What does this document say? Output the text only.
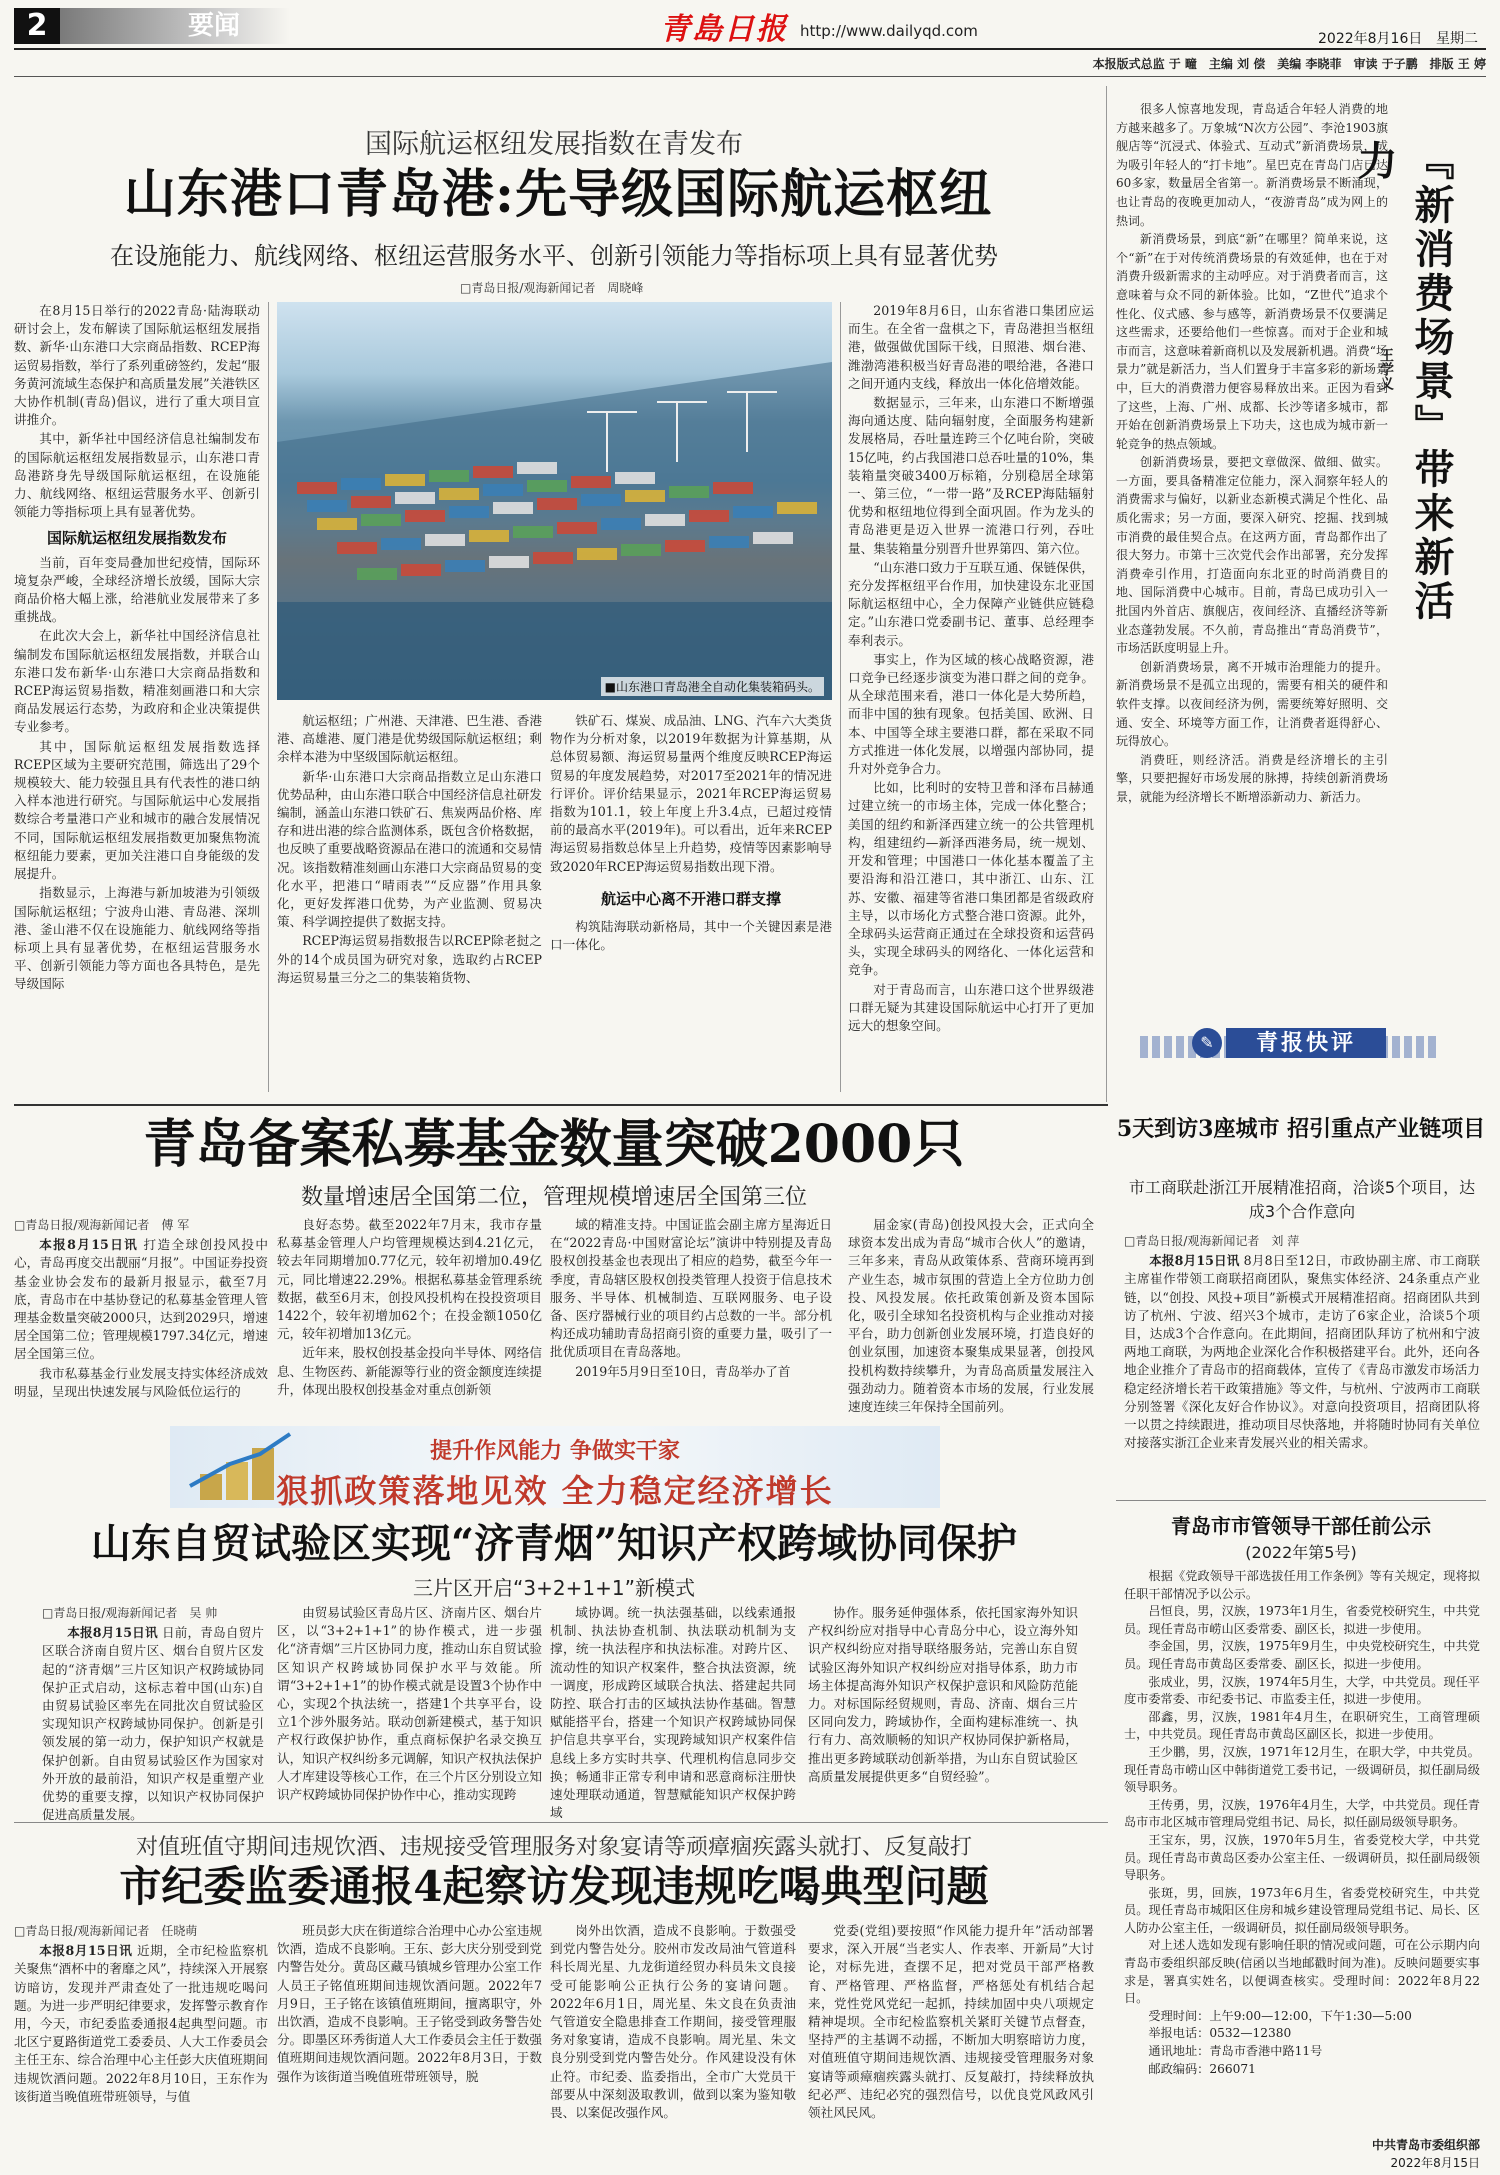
2	要闻	青島日报 http://www.dailyqd.com	2022年8月16日 星期二
本报版式总监 于 疃　主编 刘 偿　美编 李晓菲　审读 于子鹏　排版 王 婷
国际航运枢纽发展指数在青发布
山东港口青岛港:先导级国际航运枢纽
在设施能力、航线网络、枢纽运营服务水平、创新引领能力等指标项上具有显著优势
□青岛日报/观海新闻记者　周晓峰

在8月15日举行的2022青岛·陆海联动研讨会上，发布解读了国际航运枢纽发展指数、新华·山东港口大宗商品指数、RCEP海运贸易指数，举行了系列重磅签约，发起“服务黄河流域生态保护和高质量发展”关港铁区大协作机制(青岛)倡议，进行了重大项目宣讲推介。

其中，新华社中国经济信息社编制发布的国际航运枢纽发展指数显示，山东港口青岛港跻身先导级国际航运枢纽，在设施能力、航线网络、枢纽运营服务水平、创新引领能力等指标项上具有显著优势。

国际航运枢纽发展指数发布

当前，百年变局叠加世纪疫情，国际环境复杂严峻，全球经济增长放缓，国际大宗商品价格大幅上涨，给港航业发展带来了多重挑战。

在此次大会上，新华社中国经济信息社编制发布国际航运枢纽发展指数，并联合山东港口发布新华·山东港口大宗商品指数和RCEP海运贸易指数，精准刻画港口和大宗商品发展运行态势，为政府和企业决策提供专业参考。

其中，国际航运枢纽发展指数选择RCEP区域为主要研究范围，筛选出了29个规模较大、能力较强且具有代表性的港口纳入样本池进行研究。与国际航运中心发展指数综合考量港口产业和城市的融合发展情况不同，国际航运枢纽发展指数更加聚焦物流枢纽能力要素，更加关注港口自身能级的发展提升。

指数显示，上海港与新加坡港为引领级国际航运枢纽；宁波舟山港、青岛港、深圳港、釜山港不仅在设施能力、航线网络等指标项上具有显著优势，在枢纽运营服务水平、创新引领能力等方面也各具特色，是先导级国际

■山东港口青岛港全自动化集装箱码头。

航运枢纽；广州港、天津港、巴生港、香港港、高雄港、厦门港是优势级国际航运枢纽；剩余样本港为中坚级国际航运枢纽。

新华·山东港口大宗商品指数立足山东港口优势品种，由山东港口联合中国经济信息社研发编制，涵盖山东港口铁矿石、焦炭两品价格、库存和进出港的综合监测体系，既包含价格数据，也反映了重要战略资源品在港口的流通和交易情况。该指数精准刻画山东港口大宗商品贸易的变化水平，把港口“晴雨表”“反应器”作用具象化，更好发挥港口优势，为产业监测、贸易决策、科学调控提供了数据支持。

RCEP海运贸易指数报告以RCEP除老挝之外的14个成员国为研究对象，选取约占RCEP海运贸易量三分之二的集装箱货物、

铁矿石、煤炭、成品油、LNG、汽车六大类货物作为分析对象，以2019年数据为计算基期，从总体贸易额、海运贸易量两个维度反映RCEP海运贸易的年度发展趋势，对2017至2021年的情况进行评价。评价结果显示，2021年RCEP海运贸易指数为101.1，较上年度上升3.4点，已超过疫情前的最高水平(2019年)。可以看出，近年来RCEP海运贸易指数总体呈上升趋势，疫情等因素影响导致2020年RCEP海运贸易指数出现下滑。

航运中心离不开港口群支撑

构筑陆海联动新格局，其中一个关键因素是港口一体化。

2019年8月6日，山东省港口集团应运而生。在全省一盘棋之下，青岛港担当枢纽港，做强做优国际干线，日照港、烟台港、潍渤湾港积极当好青岛港的喂给港，各港口之间开通内支线，释放出一体化倍增效能。

数据显示，三年来，山东港口不断增强海向通达度、陆向辐射度，全面服务构建新发展格局，吞吐量连跨三个亿吨台阶，突破15亿吨，约占我国港口总吞吐量的10%，集装箱量突破3400万标箱，分别稳居全球第一、第三位，“一带一路”及RCEP海陆辐射优势和枢纽地位得到全面巩固。作为龙头的青岛港更是迈入世界一流港口行列，吞吐量、集装箱量分别晋升世界第四、第六位。

“山东港口致力于互联互通、保链保供，充分发挥枢纽平台作用，加快建设东北亚国际航运枢纽中心，全力保障产业链供应链稳定。”山东港口党委副书记、董事、总经理李奉利表示。

事实上，作为区域的核心战略资源，港口竞争已经逐步演变为港口群之间的竞争。从全球范围来看，港口一体化是大势所趋，而非中国的独有现象。包括美国、欧洲、日本、中国等全球主要港口群，都在采取不同方式推进一体化发展，以增强内部协同，提升对外竞争合力。

比如，比利时的安特卫普和泽布吕赫通过建立统一的市场主体，完成一体化整合；美国的纽约和新泽西建立统一的公共管理机构，组建纽约—新泽西港务局，统一规划、开发和管理；中国港口一体化基本覆盖了主要沿海和沿江港口，其中浙江、山东、江苏、安徽、福建等省港口集团都是省级政府主导，以市场化方式整合港口资源。此外，全球码头运营商正通过在全球投资和运营码头，实现全球码头的网络化、一体化运营和竞争。

对于青岛而言，山东港口这个世界级港口群无疑为其建设国际航运中心打开了更加远大的想象空间。

很多人惊喜地发现，青岛适合年轻人消费的地方越来越多了。万象城“N次方公园”、李沧1903旗舰店等“沉浸式、体验式、互动式”新消费场景，成为吸引年轻人的“打卡地”。星巴克在青岛门店已达60多家，数量居全省第一。新消费场景不断涌现，也让青岛的夜晚更加动人，“夜游青岛”成为网上的热词。

新消费场景，到底“新”在哪里？简单来说，这个“新”在于对传统消费场景的有效延伸，也在于对消费升级新需求的主动呼应。对于消费者而言，这意味着与众不同的新体验。比如，“Z世代”追求个性化、仪式感、参与感等，新消费场景不仅要满足这些需求，还要给他们一些惊喜。而对于企业和城市而言，这意味着新商机以及发展新机遇。消费“场景力”就是新活力，当人们置身于丰富多彩的新场景中，巨大的消费潜力便容易释放出来。正因为看到了这些，上海、广州、成都、长沙等诸多城市，都开始在创新消费场景上下功夫，这也成为城市新一轮竞争的热点领域。

创新消费场景，要把文章做深、做细、做实。一方面，要具备精准定位能力，深入洞察年轻人的消费需求与偏好，以新业态新模式满足个性化、品质化需求；另一方面，要深入研究、挖掘、找到城市消费的最佳契合点。在这两方面，青岛都作出了很大努力。市第十三次党代会作出部署，充分发挥消费牵引作用，打造面向东北亚的时尚消费目的地、国际消费中心城市。目前，青岛已成功引入一批国内外首店、旗舰店，夜间经济、直播经济等新业态蓬勃发展。不久前，青岛推出“青岛消费节”，市场活跃度明显上升。

创新消费场景，离不开城市治理能力的提升。新消费场景不是孤立出现的，需要有相关的硬件和软件支撑。以夜间经济为例，需要统筹好照明、交通、安全、环境等方面工作，让消费者逛得舒心、玩得放心。

消费旺，则经济活。消费是经济增长的主引擎，只要把握好市场发展的脉搏，持续创新消费场景，就能为经济增长不断增添新动力、新活力。

『新消费场景』带来新活力
王学义
✎	青报快评
青岛备案私募基金数量突破2000只
数量增速居全国第二位，管理规模增速居全国第三位
□青岛日报/观海新闻记者　傅 军

本报8月15日讯 打造全球创投风投中心，青岛再度交出靓丽“月报”。中国证券投资基金业协会发布的最新月报显示，截至7月底，青岛市在中基协登记的私募基金管理人管理基金数量突破2000只，达到2029只，增速居全国第二位；管理规模1797.34亿元，增速居全国第三位。

我市私募基金行业发展支持实体经济成效明显，呈现出快速发展与风险低位运行的

良好态势。截至2022年7月末，我市存量私募基金管理人户均管理规模达到4.21亿元，较去年同期增加0.77亿元，较年初增加0.49亿元，同比增速22.29%。根据私募基金管理系统数据，截至6月末，创投风投机构在投投资项目1422个，较年初增加62个；在投金额1050亿元，较年初增加13亿元。

近年来，股权创投基金投向半导体、网络信息、生物医药、新能源等行业的资金额度连续提升，体现出股权创投基金对重点创新领

域的精准支持。中国证监会副主席方星海近日在“2022青岛·中国财富论坛”演讲中特别提及青岛股权创投基金也表现出了相应的趋势，截至今年一季度，青岛辖区股权创投类管理人投资于信息技术服务、半导体、机械制造、互联网服务、电子设备、医疗器械行业的项目约占总数的一半。部分机构还成功辅助青岛招商引资的重要力量，吸引了一批优质项目在青岛落地。

2019年5月9日至10日，青岛举办了首

届金家(青岛)创投风投大会，正式向全球资本发出成为青岛“城市合伙人”的邀请，三年多来，青岛从政策体系、营商环境再到产业生态，城市氛围的营造上全方位助力创投、风投发展。依托政策创新及资本国际化，吸引全球知名投资机构与企业推动对接平台，助力创新创业发展环境，打造良好的创业氛围，加速资本聚集成果显著，创投风投机构数持续攀升，为青岛高质量发展注入强劲动力。随着资本市场的发展，行业发展速度连续三年保持全国前列。

提升作风能力 争做实干家
狠抓政策落地见效 全力稳定经济增长
山东自贸试验区实现“济青烟”知识产权跨域协同保护
三片区开启“3+2+1+1”新模式
□青岛日报/观海新闻记者　吴 帅

本报8月15日讯 日前，青岛自贸片区联合济南自贸片区、烟台自贸片区发起的“济青烟”三片区知识产权跨域协同保护正式启动，这标志着中国(山东)自由贸易试验区率先在同批次自贸试验区实现知识产权跨域协同保护。创新是引领发展的第一动力，保护知识产权就是保护创新。自由贸易试验区作为国家对外开放的最前沿，知识产权是重塑产业优势的重要支撑，以知识产权协同保护促进高质量发展。

由贸易试验区青岛片区、济南片区、烟台片区，以“3+2+1+1”的协作模式，进一步强化“济青烟”三片区协同力度，推动山东自贸试验区知识产权跨域协同保护水平与效能。所谓“3+2+1+1”的协作模式就是设置3个协作中心，实现2个执法统一，搭建1个共享平台，设立1个涉外服务站。联动创新建模式，基于知识产权行政保护协作，重点商标保护名录交换互认，知识产权纠纷多元调解，知识产权执法保护人才库建设等核心工作，在三个片区分别设立知识产权跨域协同保护协作中心，推动实现跨

域协调。统一执法强基础，以线索通报机制、执法协查机制、执法联动机制为支撑，统一执法程序和执法标准。对跨片区、流动性的知识产权案件，整合执法资源，统一调度，形成跨区域联合执法、搭建起共同防控、联合打击的区域执法协作基础。智慧赋能搭平台，搭建一个知识产权跨域协同保护信息共享平台，实现跨域知识产权案件信息线上多方实时共享、代理机构信息同步交换；畅通非正常专利申请和恶意商标注册快速处理联动通道，智慧赋能知识产权保护跨域

协作。服务延伸强体系，依托国家海外知识产权纠纷应对指导中心青岛分中心，设立海外知识产权纠纷应对指导联络服务站，完善山东自贸试验区海外知识产权纠纷应对指导体系，助力市场主体提高海外知识产权保护意识和风险防范能力。对标国际经贸规则，青岛、济南、烟台三片区同向发力，跨域协作，全面构建标准统一、执行有力、高效顺畅的知识产权协同保护新格局，推出更多跨域联动创新举措，为山东自贸试验区高质量发展提供更多“自贸经验”。

对值班值守期间违规饮酒、违规接受管理服务对象宴请等顽瘴痼疾露头就打、反复敲打
市纪委监委通报4起察访发现违规吃喝典型问题
□青岛日报/观海新闻记者　任晓萌

本报8月15日讯 近期，全市纪检监察机关聚焦“酒杯中的奢靡之风”，持续深入开展察访暗访，发现并严肃查处了一批违规吃喝问题。为进一步严明纪律要求，发挥警示教育作用，今天，市纪委监委通报4起典型问题。市北区宁夏路街道党工委委员、人大工作委员会主任王东、综合治理中心主任彭大庆值班期间违规饮酒问题。2022年8月10日，王东作为该街道当晚值班带班领导，与值

班员彭大庆在街道综合治理中心办公室违规饮酒，造成不良影响。王东、彭大庆分别受到党内警告处分。黄岛区藏马镇城乡管理办公室工作人员王子铭值班期间违规饮酒问题。2022年7月9日，王子铭在该镇值班期间，擅离职守，外出饮酒，造成不良影响。王子铭受到政务警告处分。即墨区环秀街道人大工作委员会主任于数强值班期间违规饮酒问题。2022年8月3日，于数强作为该街道当晚值班带班领导，脱

岗外出饮酒，造成不良影响。于数强受到党内警告处分。胶州市发改局油气管道科科长周光星、九龙街道经贸办科员朱文良接受可能影响公正执行公务的宴请问题。2022年6月1日，周光星、朱文良在负责油气管道安全隐患排查工作期间，接受管理服务对象宴请，造成不良影响。周光星、朱文良分别受到党内警告处分。作风建设没有休止符。市纪委、监委指出，全市广大党员干部要从中深刻汲取教训，做到以案为鉴知敬畏、以案促改强作风。

党委(党组)要按照“作风能力提升年”活动部署要求，深入开展“当老实人、作表率、开新局”大讨论，对标先进，查摆不足，把对党员干部严格教育、严格管理、严格监督，严格惩处有机结合起来，党性党风党纪一起抓，持续加固中央八项规定精神堤坝。全市纪检监察机关紧盯关键节点督查，坚持严的主基调不动摇，不断加大明察暗访力度，对值班值守期间违规饮酒、违规接受管理服务对象宴请等顽瘴痼疾露头就打、反复敲打，持续释放执纪必严、违纪必究的强烈信号，以优良党风政风引领社风民风。

5天到访3座城市 招引重点产业链项目
市工商联赴浙江开展精准招商，洽谈5个项目，达成3个合作意向
□青岛日报/观海新闻记者　刘 萍

本报8月15日讯 8月8日至12日，市政协副主席、市工商联主席崔作带领工商联招商团队，聚焦实体经济、24条重点产业链，以“创投、风投+项目”新模式开展精准招商。招商团队共到访了杭州、宁波、绍兴3个城市，走访了6家企业，洽谈5个项目，达成3个合作意向。在此期间，招商团队拜访了杭州和宁波两地工商联，为两地企业深化合作积极搭建平台。此外，还向各地企业推介了青岛市的招商载体，宣传了《青岛市激发市场活力稳定经济增长若干政策措施》等文件，与杭州、宁波两市工商联分别签署《深化友好合作协议》。对意向投资项目，招商团队将一以贯之持续跟进，推动项目尽快落地，并将随时协同有关单位对接落实浙江企业来青发展兴业的相关需求。

青岛市市管领导干部任前公示
(2022年第5号)

根据《党政领导干部选拔任用工作条例》等有关规定，现将拟任职干部情况予以公示。

吕恒良，男，汉族，1973年1月生，省委党校研究生，中共党员。现任青岛市崂山区委常委、副区长，拟进一步使用。

李金国，男，汉族，1975年9月生，中央党校研究生，中共党员。现任青岛市黄岛区委常委、副区长，拟进一步使用。

张成业，男，汉族，1974年5月生，大学，中共党员。现任平度市委常委、市纪委书记、市监委主任，拟进一步使用。

邵鑫，男，汉族，1981年4月生，在职研究生，工商管理硕士，中共党员。现任青岛市黄岛区副区长，拟进一步使用。

王少鹏，男，汉族，1971年12月生，在职大学，中共党员。现任青岛市崂山区中韩街道党工委书记，一级调研员，拟任副局级领导职务。

王传勇，男，汉族，1976年4月生，大学，中共党员。现任青岛市市北区城市管理局党组书记、局长，拟任副局级领导职务。

王宝东，男，汉族，1970年5月生，省委党校大学，中共党员。现任青岛市黄岛区委办公室主任、一级调研员，拟任副局级领导职务。

张斑，男，回族，1973年6月生，省委党校研究生，中共党员。现任青岛市城阳区住房和城乡建设管理局党组书记、局长、区人防办公室主任，一级调研员，拟任副局级领导职务。

对上述人选如发现有影响任职的情况或问题，可在公示期内向青岛市委组织部反映(信函以当地邮戳时间为准)。反映问题要实事求是，署真实姓名，以便调查核实。受理时间：2022年8月22日。

受理时间：上午9:00—12:00，下午1:30—5:00

举报电话：0532—12380

通讯地址：青岛市香港中路11号

邮政编码：266071

中共青岛市委组织部
2022年8月15日
